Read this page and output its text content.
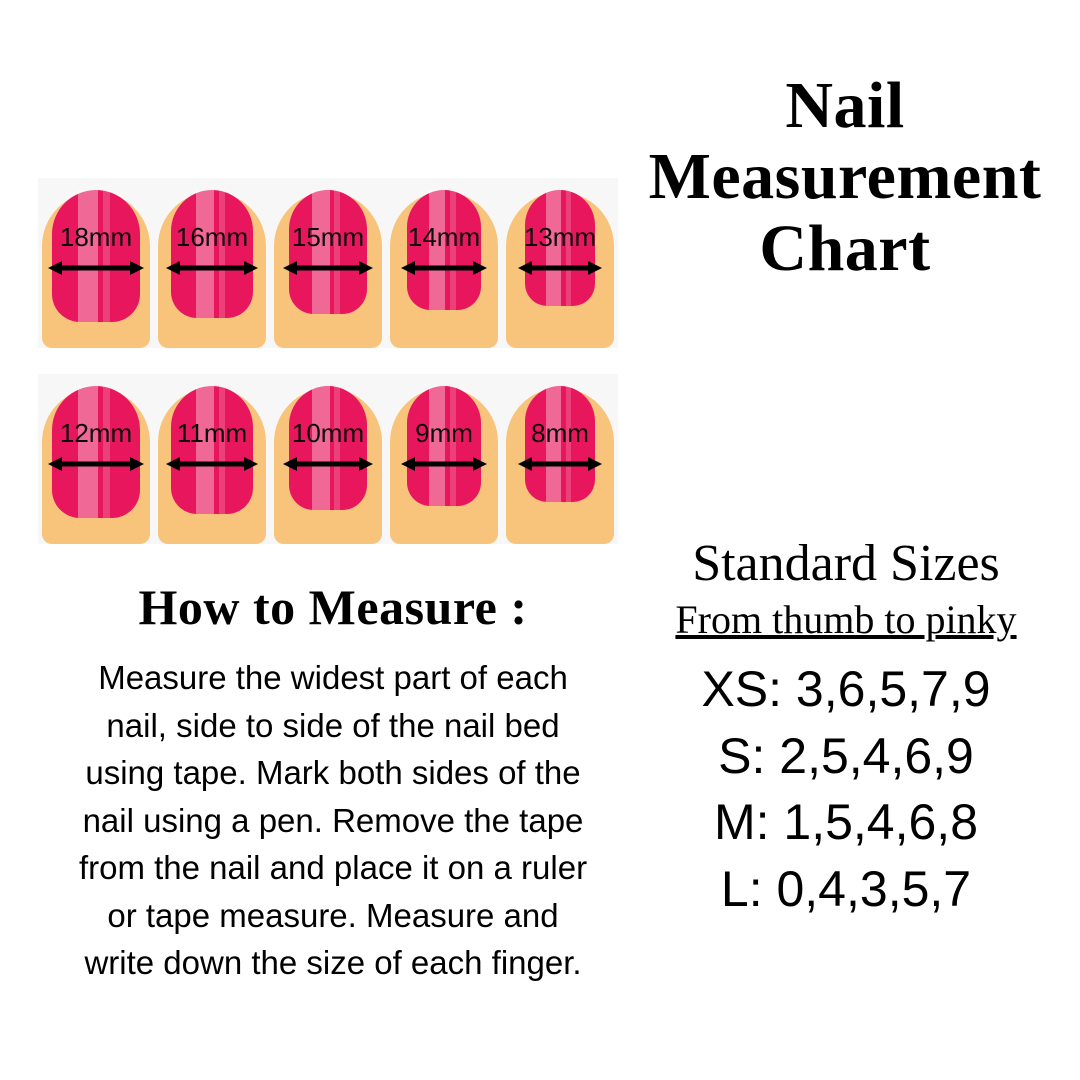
Nail
Measurement
Chart
18mm	16mm	15mm	14mm	13mm
12mm	11mm	10mm	9mm	8mm
How to Measure :
Measure the widest part of each nail, side to side of the nail bed using tape. Mark both sides of the nail using a pen. Remove the tape from the nail and place it on a ruler or tape measure. Measure and write down the size of each finger.
Standard Sizes
From thumb to pinky
XS: 3,6,5,7,9
S: 2,5,4,6,9
M: 1,5,4,6,8
L: 0,4,3,5,7
